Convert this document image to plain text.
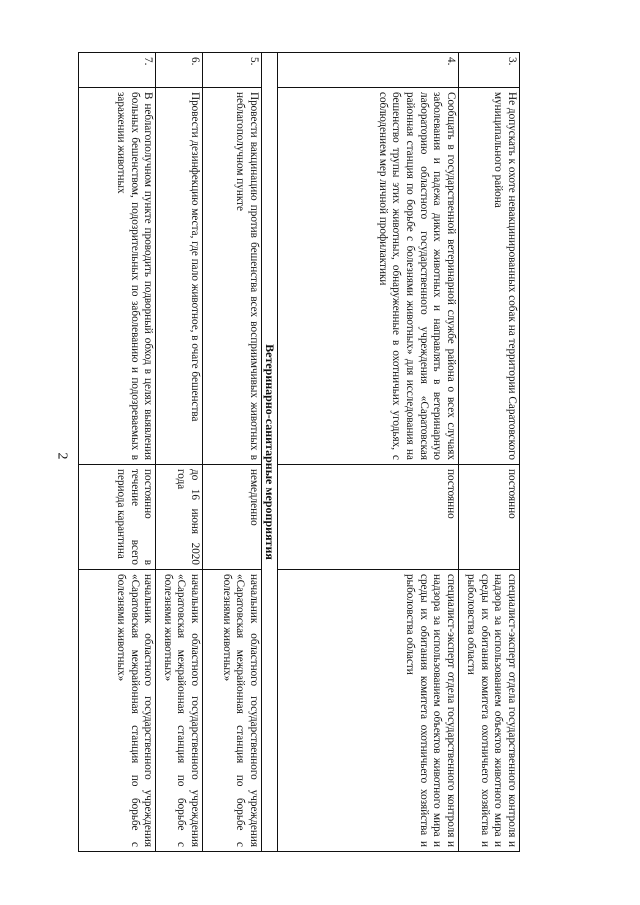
2
3.	Не допускать к охоте невакцинированных собак на территории Саратовского муниципального района	постоянно	специалист-эксперт отдела государственного контроля и надзора за использованием объектов животного мира и среды их обитания комитета охотничьего хозяйства и рыболовства области
4.	Сообщать в государственной ветеринарной службе района о всех случаях заболевания и падежа диких животных и направлять в ветеринарную лабораторию областного государственного учреждения «Саратовская районная станция по борьбе с болезнями животных» для исследования на бешенство трупы этих животных, обнаруженные в охотничьих угодьях, с соблюдением мер личной профилактики	постоянно	специалист-эксперт отдела государственного контроля и надзора за использованием объектов животного мира и среды их обитания комитета охотничьего хозяйства и рыболовства области
Ветеринарно-санитарные мероприятия			
5.	Провести вакцинацию против бешенства всех восприимчивых животных в неблагополучном пункте	немедленно	начальник областного государственного учреждения «Саратовская межрайонная станция по борьбе с болезнями животных»
6.	Провести дезинфекцию места, где пало животное, в очаге бешенства	до 16 июня 2020 года	начальник областного государственного учреждения «Саратовская межрайонная станция по борьбе с болезнями животных»
7.	В неблагополучном пункте проводить подворный обход в целях выявления больных бешенством, подозрительных по заболеванию и подозреваемых в заражении животных	постоянно в течение всего периода карантина	начальник областного государственного учреждения «Саратовская межрайонная станция по борьбе с болезнями животных»
